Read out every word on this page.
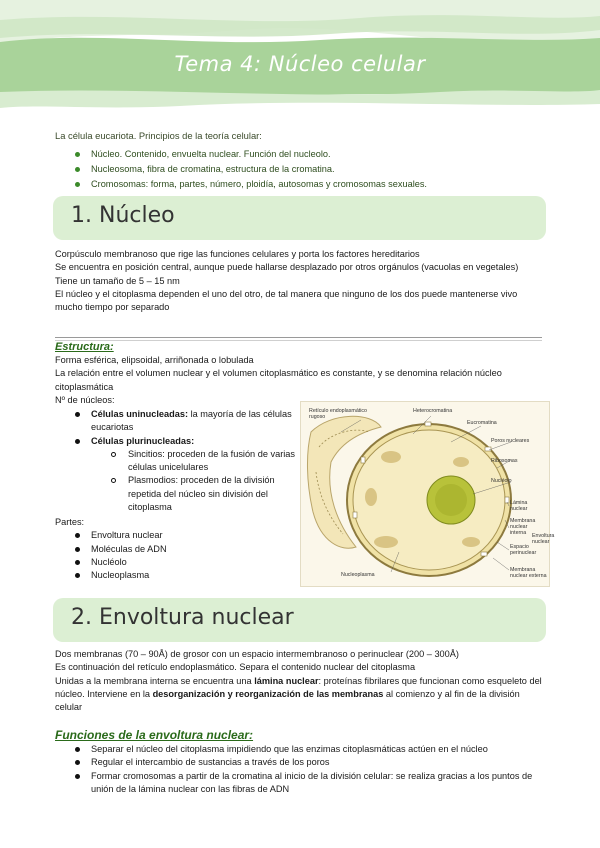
Tema 4: Núcleo celular
La célula eucariota. Principios de la teoría celular:
Núcleo. Contenido, envuelta nuclear. Función del nucleolo.
Nucleosoma, fibra de cromatina, estructura de la cromatina.
Cromosomas: forma, partes, número, ploidía, autosomas y cromosomas sexuales.
1. Núcleo
Corpúsculo membranoso que rige las funciones celulares y porta los factores hereditarios
Se encuentra en posición central, aunque puede hallarse desplazado por otros orgánulos (vacuolas en vegetales)
Tiene un tamaño de 5 – 15 nm
El núcleo y el citoplasma dependen el uno del otro, de tal manera que ninguno de los dos puede mantenerse vivo mucho tiempo por separado
Estructura:
Forma esférica, elipsoidal, arriñonada o lobulada
La relación entre el volumen nuclear y el volumen citoplasmático es constante, y se denomina relación núcleo citoplasmática
Nº de núcleos:
Células uninucleadas: la mayoría de las células eucariotas
Células plurinucleadas:
Sincitios: proceden de la fusión de varias células unicelulares
Plasmodios: proceden de la división repetida del núcleo sin división del citoplasma
Partes:
Envoltura nuclear
Moléculas de ADN
Nucléolo
Nucleoplasma
Retículo endoplasmático rugoso
Heterocromatina
Eucromatina
Poros nucleares
Ribosomas
Nucléolo
Lámina nuclear
Membrana nuclear interna
Espacio perinuclear
Membrana nuclear externa
Nucleoplasma
Envoltura nuclear
2. Envoltura nuclear
Dos membranas (70 – 90Å) de grosor con un espacio intermembranoso o perinuclear (200 – 300Å)
Es continuación del retículo endoplasmático. Separa el contenido nuclear del citoplasma
Unidas a la membrana interna se encuentra una lámina nuclear: proteínas fibrilares que funcionan como esqueleto del núcleo. Interviene en la desorganización y reorganización de las membranas al comienzo y al fin de la división celular
Funciones de la envoltura nuclear:
Separar el núcleo del citoplasma impidiendo que las enzimas citoplasmáticas actúen en el núcleo
Regular el intercambio de sustancias a través de los poros
Formar cromosomas a partir de la cromatina al inicio de la división celular: se realiza gracias a los puntos de unión de la lámina nuclear con las fibras de ADN
